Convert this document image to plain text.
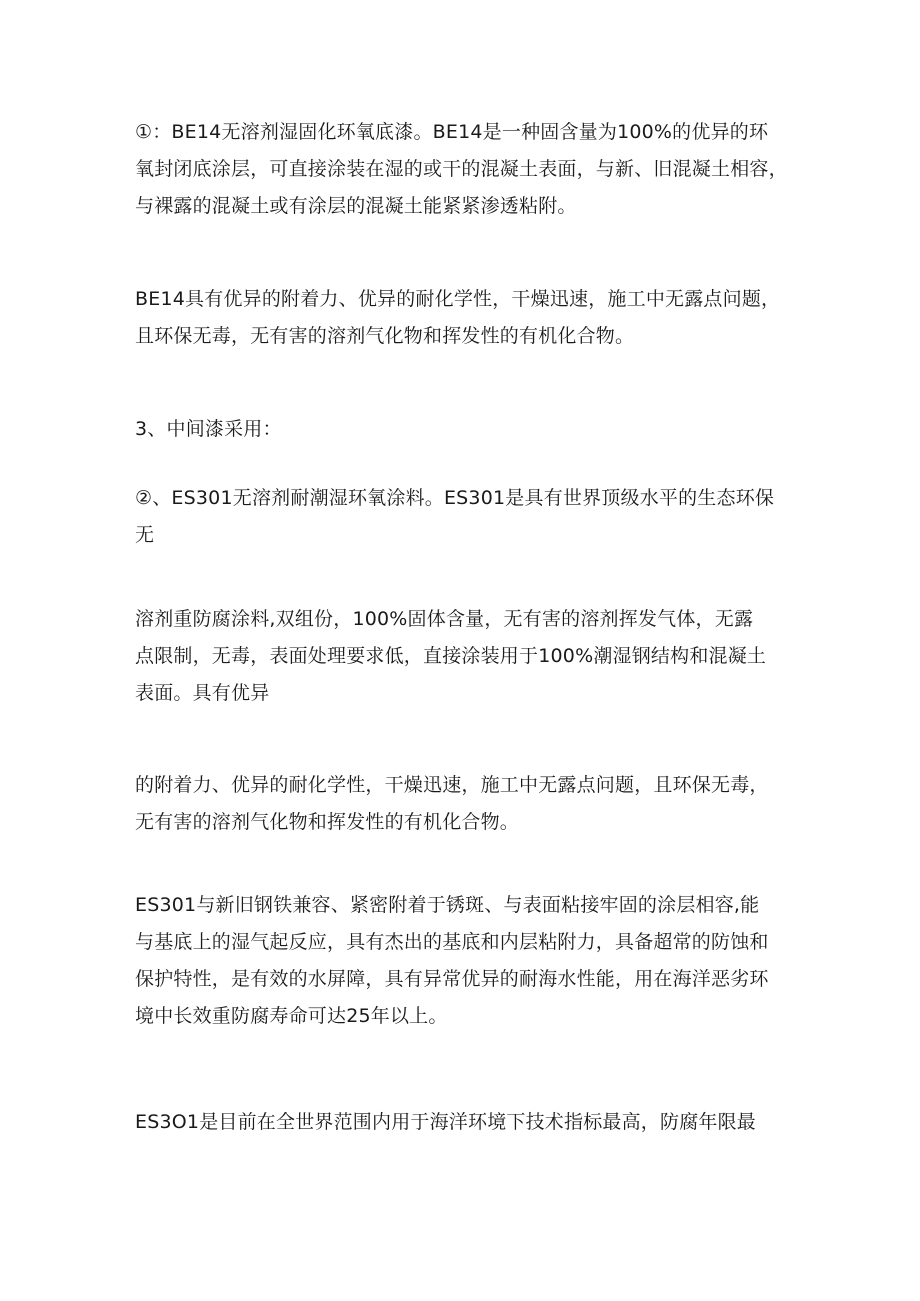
①：BE14无溶剂湿固化环氧底漆。BE14是一种固含量为100%的优异的环
氧封闭底涂层，可直接涂装在湿的或干的混凝土表面，与新、旧混凝土相容，
与裸露的混凝土或有涂层的混凝土能紧紧渗透粘附。

BE14具有优异的附着力、优异的耐化学性，干燥迅速，施工中无露点问题，
且环保无毒，无有害的溶剂气化物和挥发性的有机化合物。

3、中间漆采用：

②、ES301无溶剂耐潮湿环氧涂料。ES301是具有世界顶级水平的生态环保
无

溶剂重防腐涂料,双组份，100%固体含量，无有害的溶剂挥发气体，无露
点限制，无毒，表面处理要求低，直接涂装用于100%潮湿钢结构和混凝土
表面。具有优异

的附着力、优异的耐化学性，干燥迅速，施工中无露点问题，且环保无毒，
无有害的溶剂气化物和挥发性的有机化合物。

ES301与新旧钢铁兼容、紧密附着于锈斑、与表面粘接牢固的涂层相容,能
与基底上的湿气起反应，具有杰出的基底和内层粘附力，具备超常的防蚀和
保护特性，是有效的水屏障，具有异常优异的耐海水性能，用在海洋恶劣环
境中长效重防腐寿命可达25年以上。

ES3O1是目前在全世界范围内用于海洋环境下技术指标最高，防腐年限最
